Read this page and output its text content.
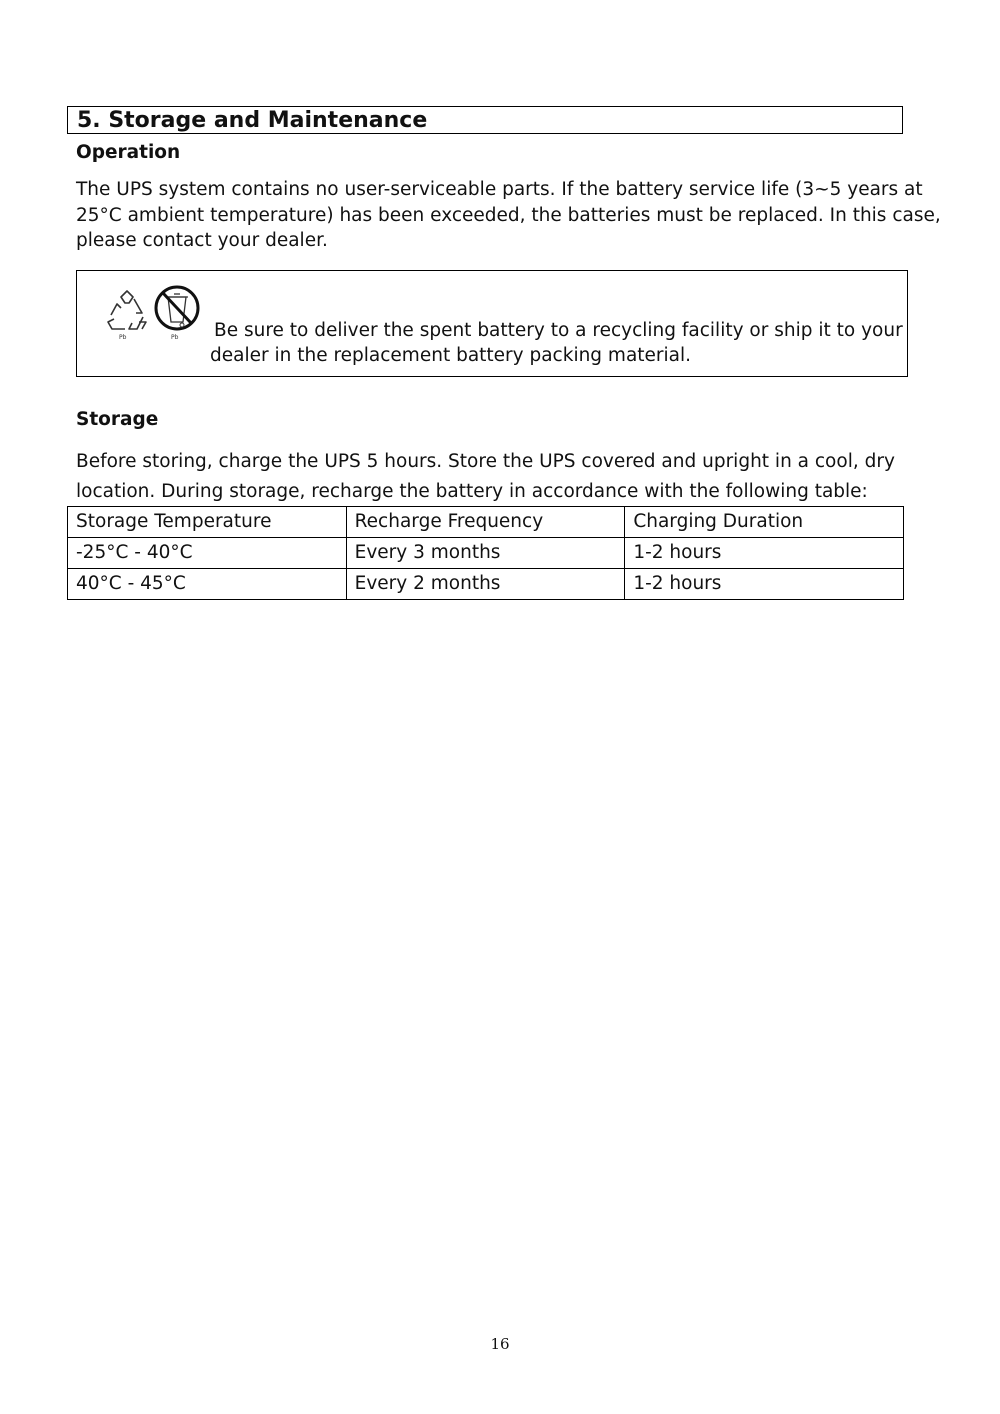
5. Storage and Maintenance
Operation
The UPS system contains no user-serviceable parts. If the battery service life (3~5 years at
25°C ambient temperature) has been exceeded, the batteries must be replaced. In this case,
please contact your dealer.
Pb	Pb Be sure to deliver the spent battery to a recycling facility or ship it to your
dealer in the replacement battery packing material.
Storage
Before storing, charge the UPS 5 hours. Store the UPS covered and upright in a cool, dry
location. During storage, recharge the battery in accordance with the following table:
Storage Temperature	Recharge Frequency	Charging Duration
-25°C - 40°C	Every 3 months	1-2 hours
40°C - 45°C	Every 2 months	1-2 hours
16
